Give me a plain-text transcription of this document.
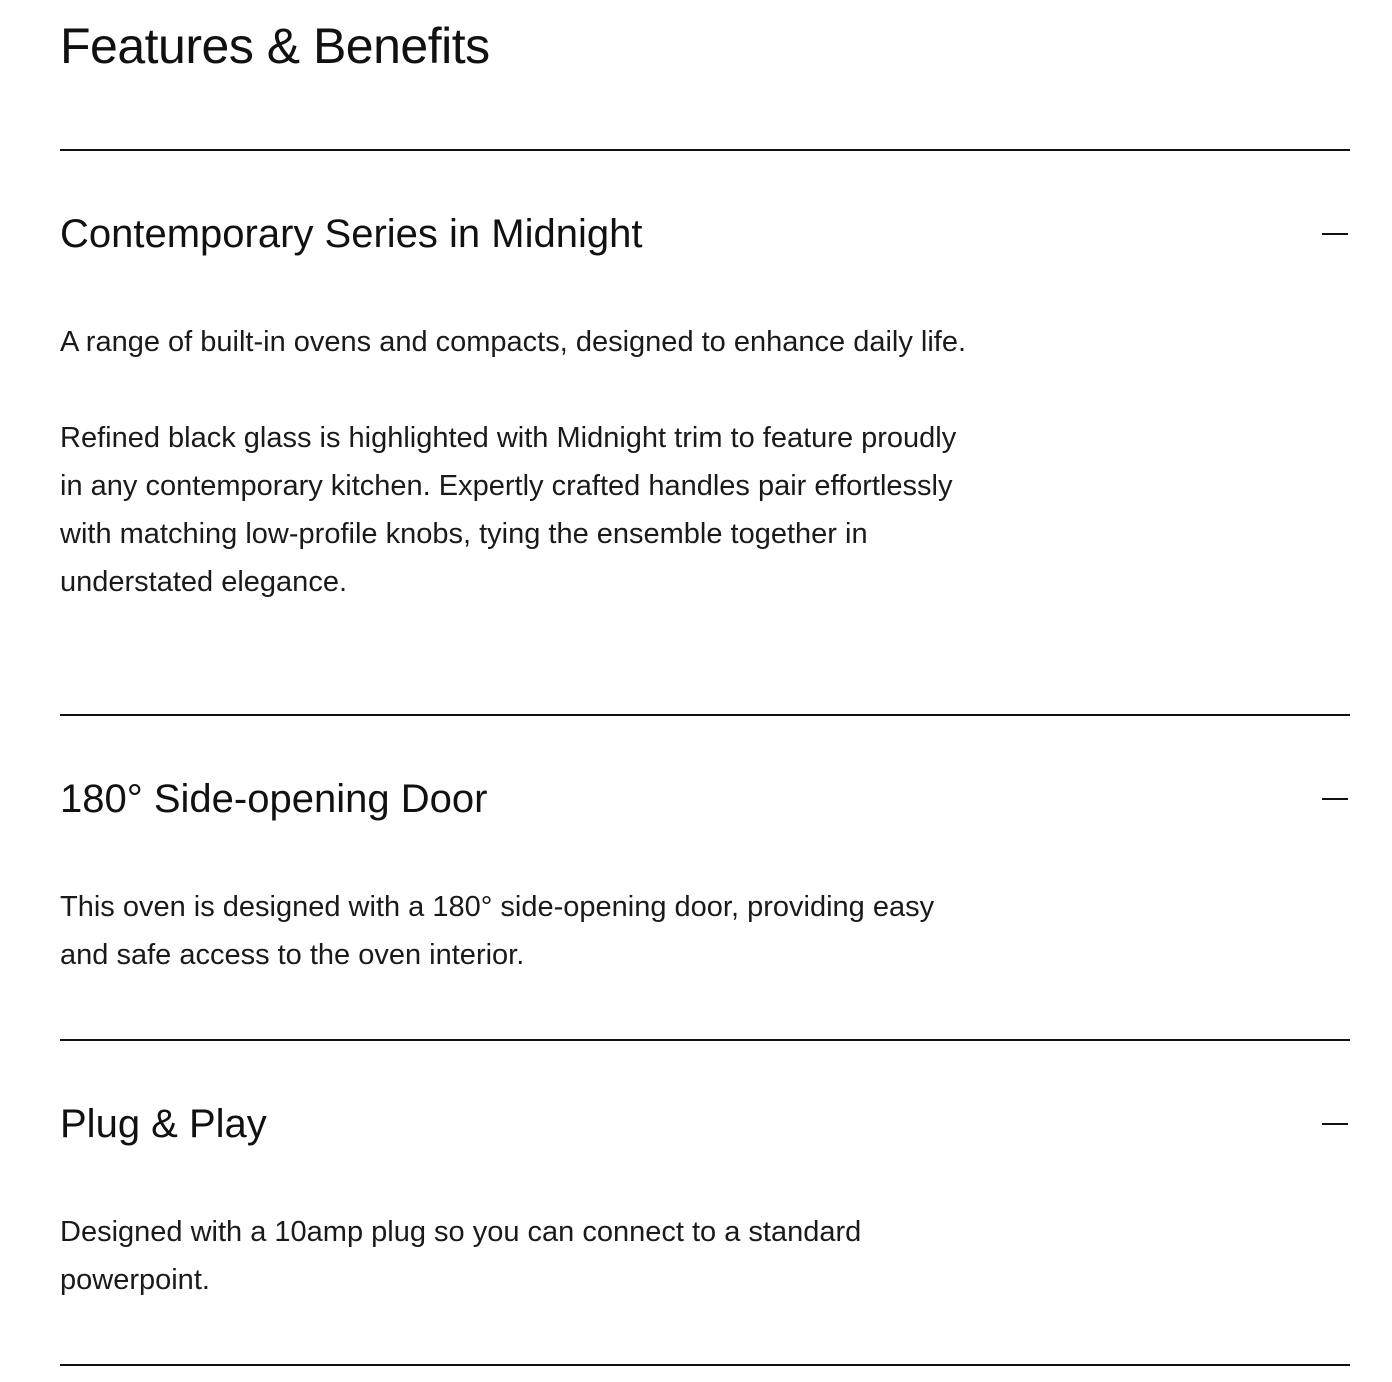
Features & Benefits
Contemporary Series in Midnight

A range of built-in ovens and compacts, designed to enhance daily life.

Refined black glass is highlighted with Midnight trim to feature proudly in any contemporary kitchen. Expertly crafted handles pair effortlessly with matching low-profile knobs, tying the ensemble together in understated elegance.

180° Side-opening Door

This oven is designed with a 180° side-opening door, providing easy and safe access to the oven interior.

Plug & Play

Designed with a 10amp plug so you can connect to a standard powerpoint.
